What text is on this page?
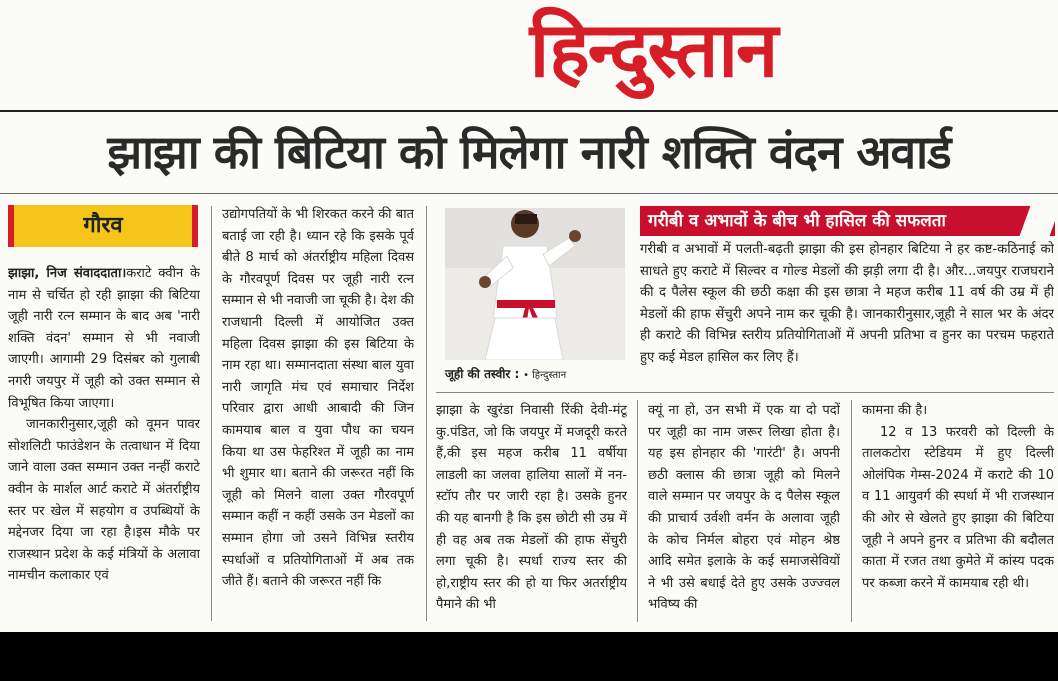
हिन्दुस्तान
झाझा की बिटिया को मिलेगा नारी शक्ति वंदन अवार्ड
गौरव

झाझा, निज संवाददाता।कराटे क्वीन के नाम से चर्चित हो रही झाझा की बिटिया जूही नारी रत्न सम्मान के बाद अब 'नारी शक्ति वंदन' सम्मान से भी नवाजी जाएगी। आगामी 29 दिसंबर को गुलाबी नगरी जयपुर में जूही को उक्त सम्मान से विभूषित किया जाएगा।

जानकारीनुसार,जूही को वूमन पावर सोशलिटी फाउंडेशन के तत्वाधान में दिया जाने वाला उक्त सम्मान उक्त नन्हीं कराटे क्वीन के मार्शल आर्ट कराटे में अंतर्राष्ट्रीय स्तर पर खेल में सहयोग व उपब्धियों के मद्देनजर दिया जा रहा है।इस मौके पर राजस्थान प्रदेश के कई मंत्रियों के अलावा नामचीन कलाकार एवं

उद्योगपतियों के भी शिरकत करने की बात बताई जा रही है। ध्यान रहे कि इसके पूर्व बीते 8 मार्च को अंतर्राष्ट्रीय महिला दिवस के गौरवपूर्ण दिवस पर जूही नारी रत्न सम्मान से भी नवाजी जा चूकी है। देश की राजधानी दिल्ली में आयोजित उक्त महिला दिवस झाझा की इस बिटिया के नाम रहा था। सम्मानदाता संस्था बाल युवा नारी जागृति मंच एवं समाचार निर्देश परिवार द्वारा आधी आबादी की जिन कामयाब बाल व युवा पौध का चयन किया था उस फेहरिश्त में जूही का नाम भी शुमार था। बताने की जरूरत नहीं कि जूही को मिलने वाला उक्त गौरवपूर्ण सम्मान कहीं न कहीं उसके उन मेडलों का सम्मान होगा जो उसने विभिन्न स्तरीय स्पर्धाओं व प्रतियोगिताओं में अब तक जीते हैं। बताने की जरूरत नहीं कि

जूही की तस्वीर : • हिन्दुस्तान
गरीबी व अभावों के बीच भी हासिल की सफलता

गरीबी व अभावों में पलती-बढ़ती झाझा की इस होनहार बिटिया ने हर कष्ट-कठिनाई को साधते हुए कराटे में सिल्वर व गोल्ड मेडलों की झड़ी लगा दी है। और...जयपुर राजघराने की द पैलेस स्कूल की छठी कक्षा की इस छात्रा ने महज करीब 11 वर्ष की उम्र में ही मेडलों की हाफ सेंचुरी अपने नाम कर चूकी है। जानकारीनुसार,जूही ने साल भर के अंदर ही कराटे की विभिन्न स्तरीय प्रतियोगिताओं में अपनी प्रतिभा व हुनर का परचम फहराते हुए कई मेडल हासिल कर लिए हैं।

झाझा के खुरंडा निवासी रिंकी देवी-मंटू कु.पंडित, जो कि जयपुर में मजदूरी करते हैं,की इस महज करीब 11 वर्षीया लाडली का जलवा हालिया सालों में नन-स्टॉप तौर पर जारी रहा है। उसके हुनर की यह बानगी है कि इस छोटी सी उम्र में ही वह अब तक मेडलों की हाफ सेंचुरी लगा चूकी है। स्पर्धा राज्य स्तर की हो,राष्ट्रीय स्तर की हो या फिर अतर्राष्ट्रीय पैमाने की भी

क्यूं ना हो, उन सभी में एक या दो पदों पर जूही का नाम जरूर लिखा होता है। यह इस होनहार की 'गारंटी' है। अपनी छठी क्लास की छात्रा जूही को मिलने वाले सम्मान पर जयपुर के द पैलेस स्कूल की प्राचार्य उर्वशी वर्मन के अलावा जूही के कोच निर्मल बोहरा एवं मोहन श्रेष्ठ आदि समेत इलाके के कई समाजसेवियों ने भी उसे बधाई देते हुए उसके उज्ज्वल भविष्य की

कामना की है।

12 व 13 फरवरी को दिल्ली के तालकटोरा स्टेडियम में हुए दिल्ली ओलंपिक गेम्स-2024 में कराटे की 10 व 11 आयुवर्ग की स्पर्धा में भी राजस्थान की ओर से खेलते हुए झाझा की बिटिया जूही ने अपने हुनर व प्रतिभा की बदौलत काता में रजत तथा कुमेते में कांस्य पदक पर कब्जा करने में कामयाब रही थी।
